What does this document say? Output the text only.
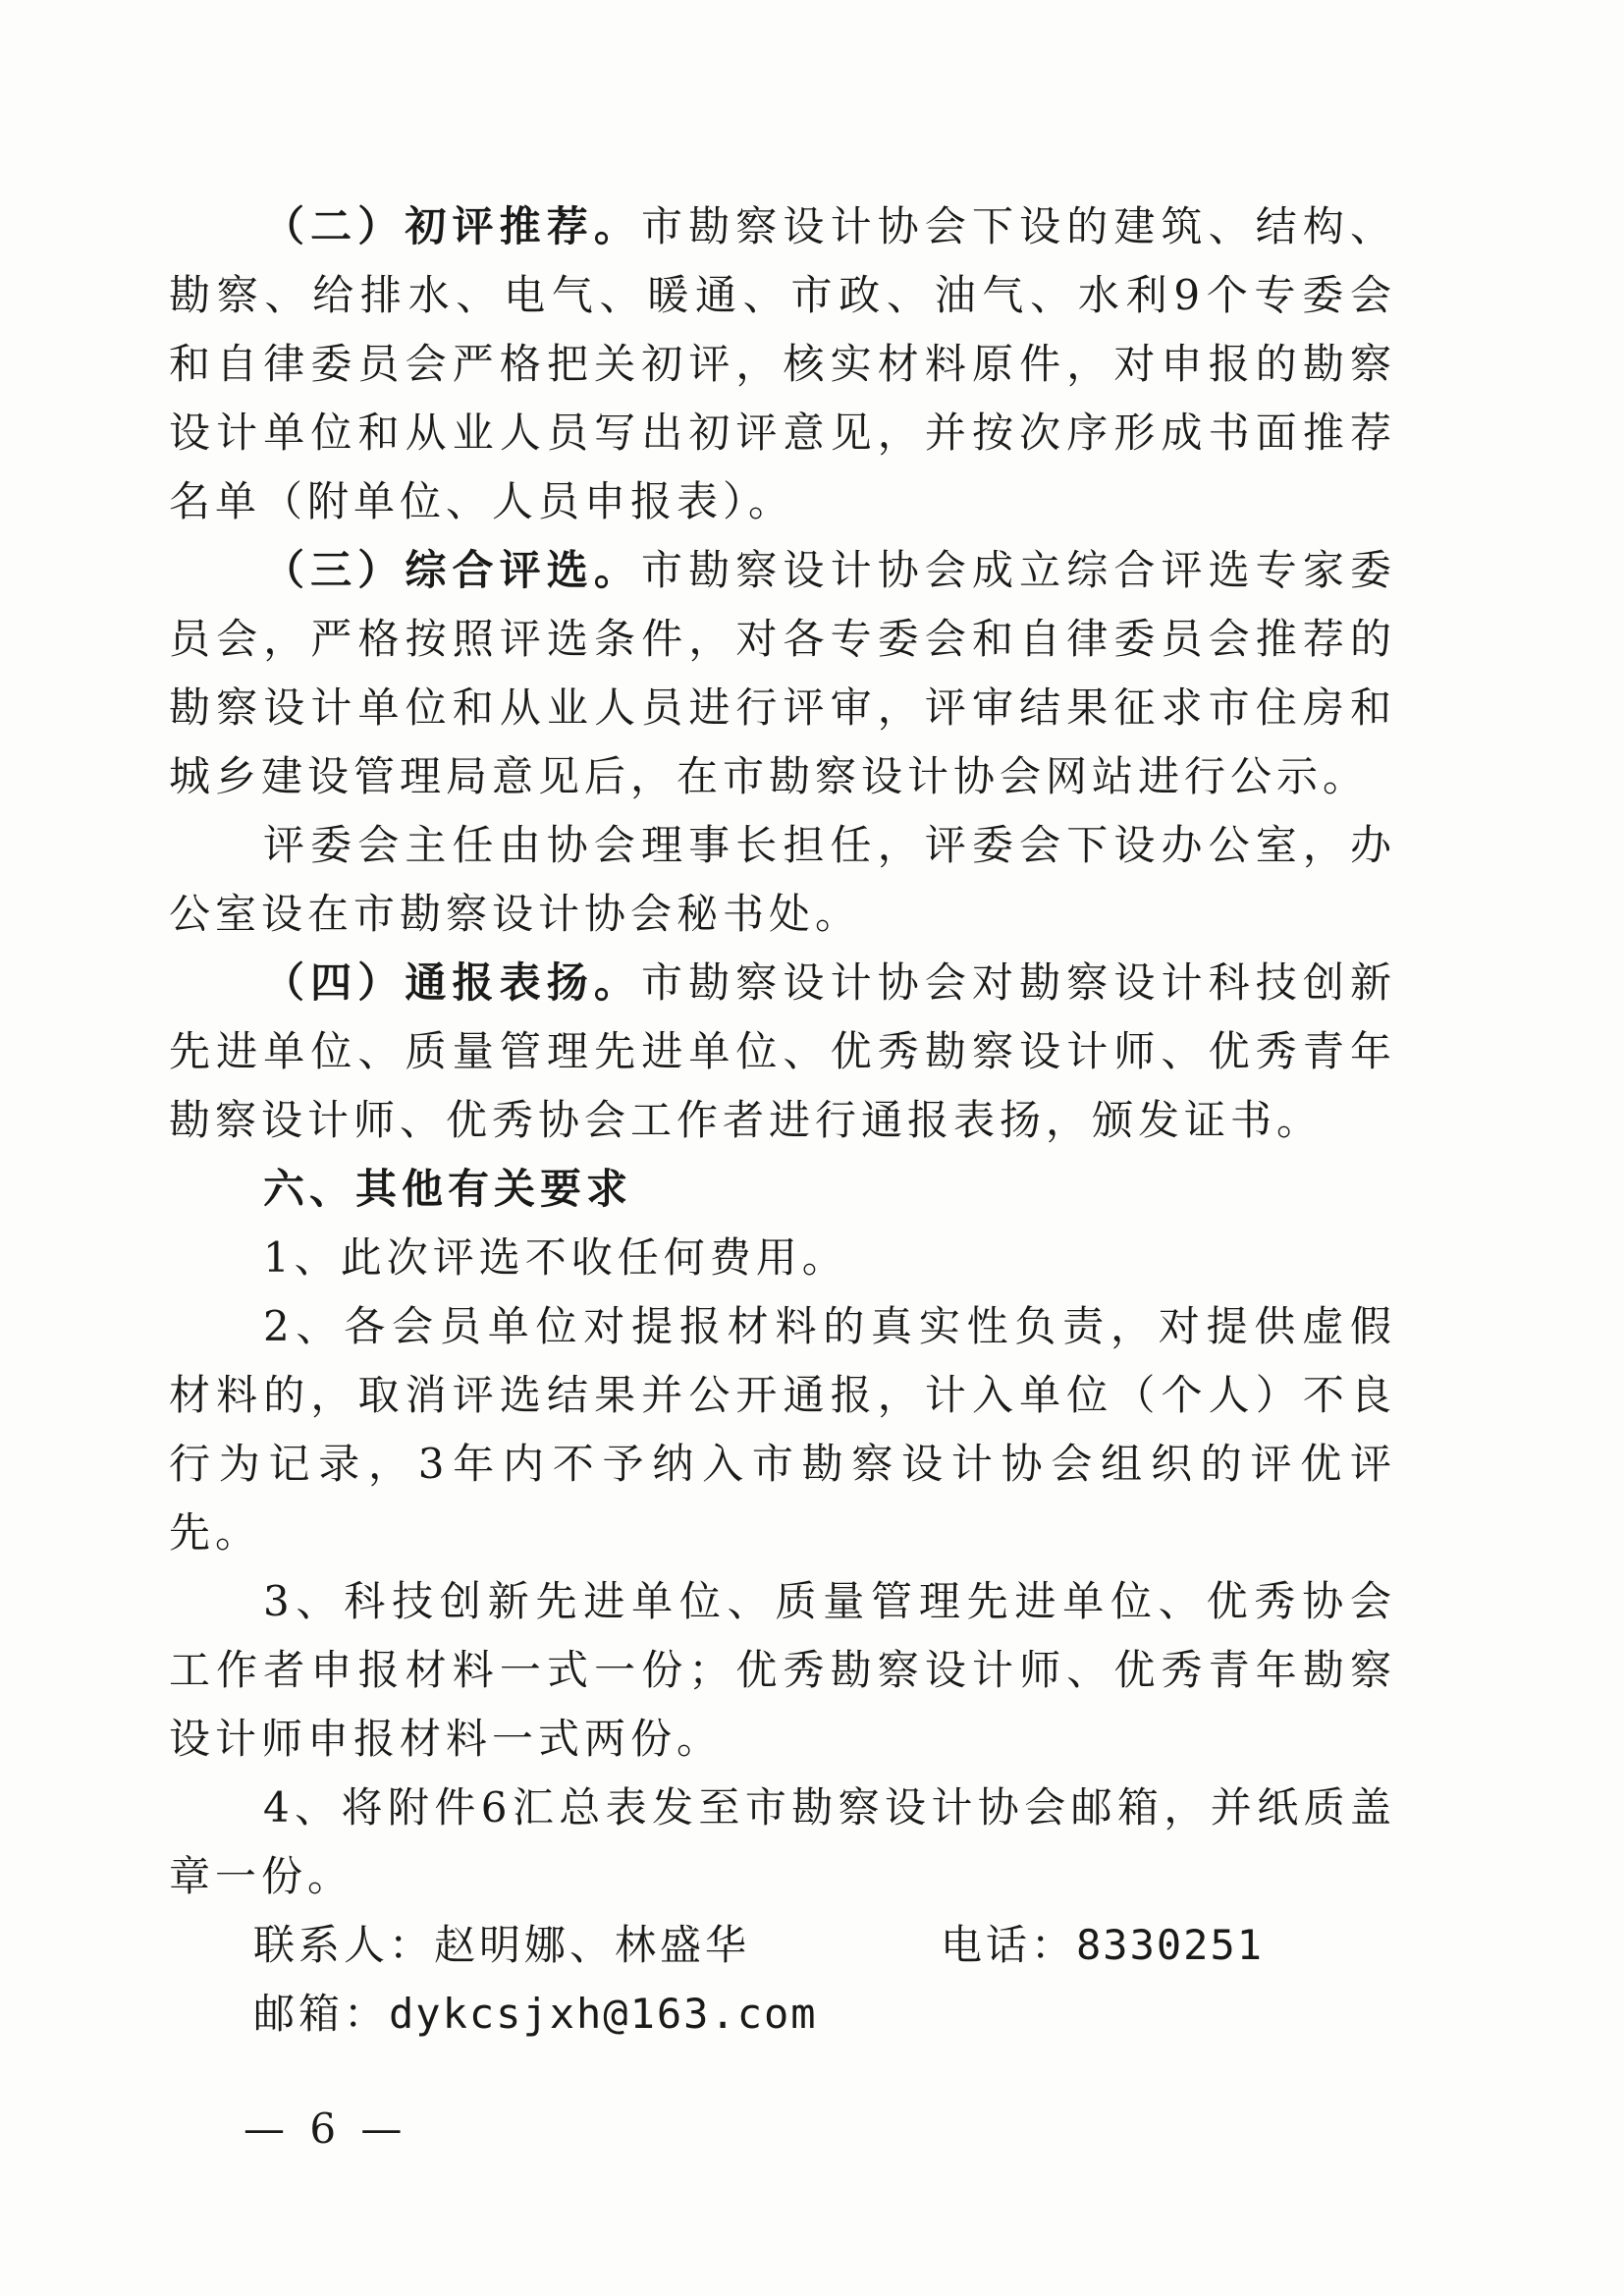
（二）初评推荐。市勘察设计协会下设的建筑、结构、勘察、给排水、电气、暖通、市政、油气、水利9个专委会和自律委员会严格把关初评，核实材料原件，对申报的勘察设计单位和从业人员写出初评意见，并按次序形成书面推荐名单（附单位、人员申报表）。

（三）综合评选。市勘察设计协会成立综合评选专家委员会，严格按照评选条件，对各专委会和自律委员会推荐的勘察设计单位和从业人员进行评审，评审结果征求市住房和城乡建设管理局意见后，在市勘察设计协会网站进行公示。

评委会主任由协会理事长担任，评委会下设办公室，办公室设在市勘察设计协会秘书处。

（四）通报表扬。市勘察设计协会对勘察设计科技创新先进单位、质量管理先进单位、优秀勘察设计师、优秀青年勘察设计师、优秀协会工作者进行通报表扬，颁发证书。

六、其他有关要求

1、此次评选不收任何费用。

2、各会员单位对提报材料的真实性负责，对提供虚假材料的，取消评选结果并公开通报，计入单位（个人）不良行为记录，3年内不予纳入市勘察设计协会组织的评优评先。

3、科技创新先进单位、质量管理先进单位、优秀协会工作者申报材料一式一份；优秀勘察设计师、优秀青年勘察设计师申报材料一式两份。

4、将附件6汇总表发至市勘察设计协会邮箱，并纸质盖章一份。

联系人：赵明娜、林盛华	电话：8330251
邮箱： dykcsjxh@163.com
— 6 —
